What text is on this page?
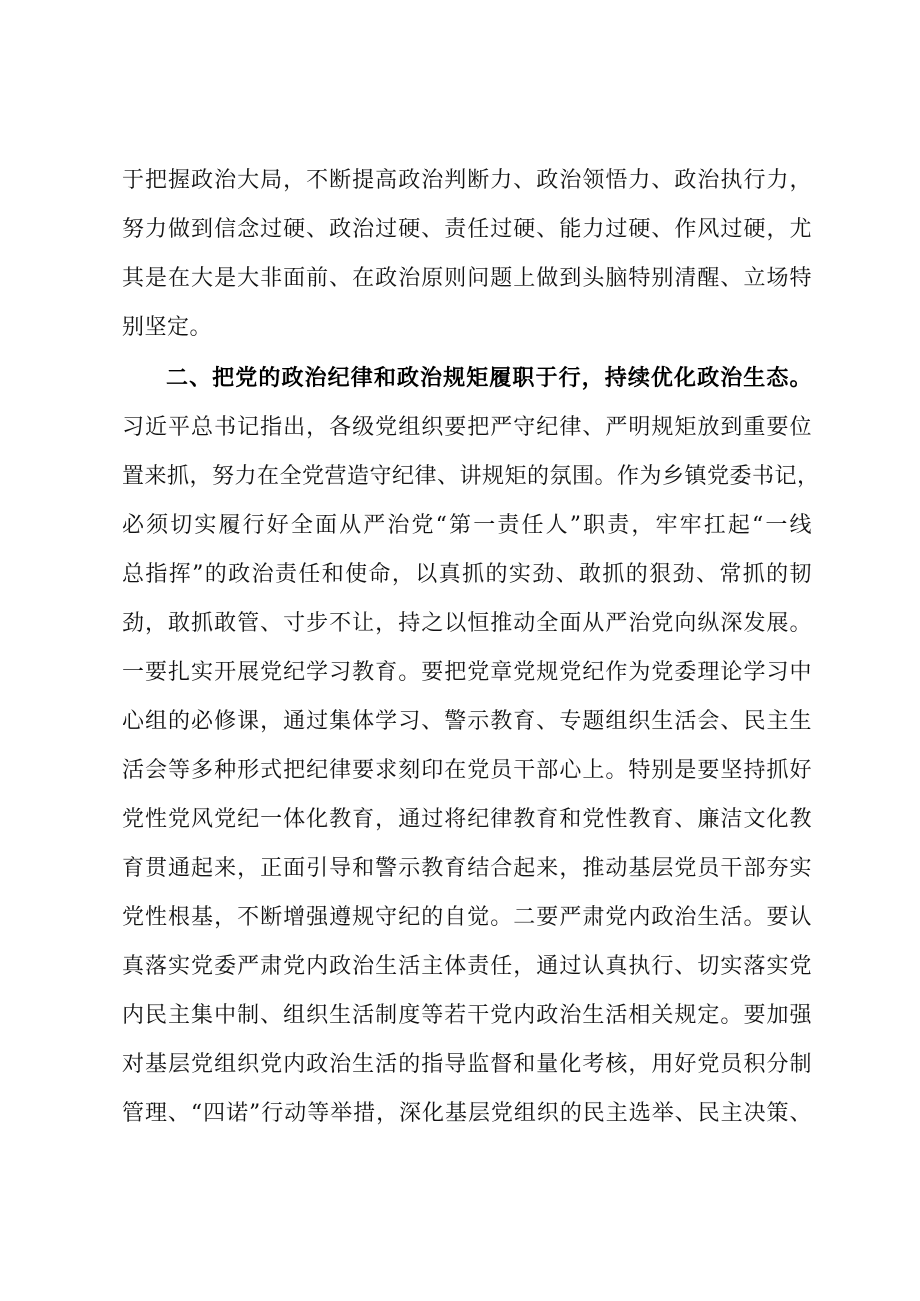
于把握政治大局，不断提高政治判断力、政治领悟力、政治执行力，
努力做到信念过硬、政治过硬、责任过硬、能力过硬、作风过硬，尤
其是在大是大非面前、在政治原则问题上做到头脑特别清醒、立场特
别坚定。
二、把党的政治纪律和政治规矩履职于行，持续优化政治生态。
习近平总书记指出，各级党组织要把严守纪律、严明规矩放到重要位
置来抓，努力在全党营造守纪律、讲规矩的氛围。作为乡镇党委书记，
必须切实履行好全面从严治党“第一责任人”职责，牢牢扛起“一线
总指挥”的政治责任和使命，以真抓的实劲、敢抓的狠劲、常抓的韧
劲，敢抓敢管、寸步不让，持之以恒推动全面从严治党向纵深发展。
一要扎实开展党纪学习教育。要把党章党规党纪作为党委理论学习中
心组的必修课，通过集体学习、警示教育、专题组织生活会、民主生
活会等多种形式把纪律要求刻印在党员干部心上。特别是要坚持抓好
党性党风党纪一体化教育，通过将纪律教育和党性教育、廉洁文化教
育贯通起来，正面引导和警示教育结合起来，推动基层党员干部夯实
党性根基，不断增强遵规守纪的自觉。二要严肃党内政治生活。要认
真落实党委严肃党内政治生活主体责任，通过认真执行、切实落实党
内民主集中制、组织生活制度等若干党内政治生活相关规定。要加强
对基层党组织党内政治生活的指导监督和量化考核，用好党员积分制
管理、“四诺”行动等举措，深化基层党组织的民主选举、民主决策、
